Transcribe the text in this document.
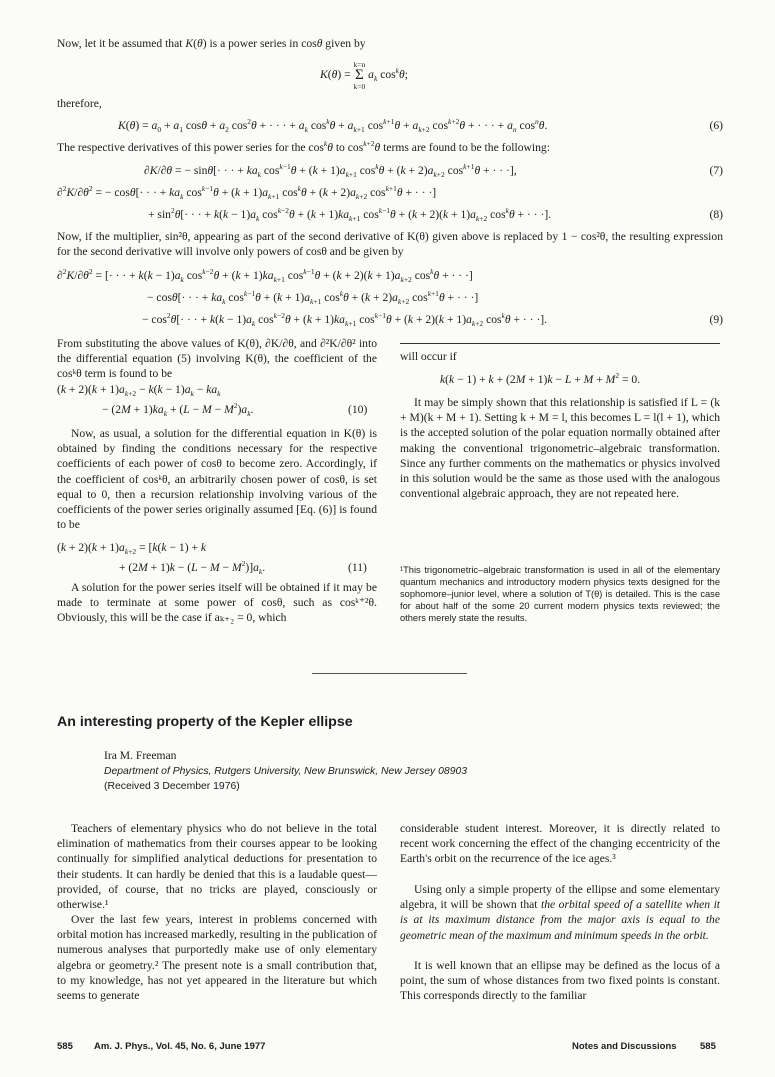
Now, let it be assumed that K(θ) is a power series in cosθ given by
K(θ) =
k=n
Σ
k=0
$a_k$ $\cos^k\theta$;
therefore,
$K(\theta) = a_0 + a_1$ $\cos\theta + a_2$ $\cos^2\theta$ + · · · + $a_k$ $\cos^k\theta + a_{k+1}$ $\cos^{k+1}\theta + a_{k+2}$ $\cos^{k+2}\theta$ + · · · + $a_n$ $\cos^n\theta$.	(6)
The respective derivatives of this power series for the $\cos^k\theta$ to $\cos^{k+2}\theta$ terms are found to be the following:
∂K/∂θ = − sinθ[· · · + $ka_k$ $\cos^{k-1}\theta + (k + 1)a_{k+1}$ $\cos^k\theta + (k + 2)a_{k+2}$ $\cos^{k+1}\theta$ + · · ·],	(7)
$\partial^2K/\partial\theta^2$ = − cosθ[· · · + $ka_k$ $\cos^{k-1}\theta + (k + 1)a_{k+1}$ $\cos^k\theta + (k + 2)a_{k+2}$ $\cos^{k+1}\theta$ + · · ·]
+ $\sin^2\theta[\cdot$ · · + $k(k - 1)a_k$ $\cos^{k-2}\theta + (k + 1)ka_{k+1}$ $\cos^{k-1}\theta + (k + 2)(k + 1)a_{k+2}$ $\cos^k\theta$ + · · ·].	(8)
Now, if the multiplier, sin²θ, appearing as part of the second derivative of K(θ) given above is replaced by 1 − cos²θ, the resulting expression for the second derivative will involve only powers of cosθ and be given by
$\partial^2K/\partial\theta^2$ = [· · · + $k(k - 1)a_k$ $\cos^{k-2}\theta + (k + 1)ka_{k+1}$ $\cos^{k-1}\theta + (k + 2)(k + 1)a_{k+2}$ $\cos^k\theta$ + · · ·]
− cosθ[· · · + $ka_k$ $\cos^{k-1}\theta + (k + 1)a_{k+1}$ $\cos^k\theta + (k + 2)a_{k+2}$ $\cos^{k+1}\theta$ + · · ·]
− $\cos^2\theta[\cdot$ · · + $k(k - 1)a_k$ $\cos^{k-2}\theta + (k + 1)ka_{k+1}$ $\cos^{k-1}\theta + (k + 2)(k + 1)a_{k+2}$ $\cos^k\theta$ + · · ·].	(9)
From substituting the above values of K(θ), ∂K/∂θ, and ∂²K/∂θ² into the differential equation (5) involving K(θ), the coefficient of the cosᵏθ term is found to be
$(k + 2)(k + 1)a_{k+2} - k(k - 1)a_k - ka_k$
− $(2M + 1)ka_k + (L - M - M^2)a_k$.	(10)
Now, as usual, a solution for the differential equation in K(θ) is obtained by finding the conditions necessary for the respective coefficients of each power of cosθ to become zero. Accordingly, if the coefficient of cosᵏθ, an arbitrarily chosen power of cosθ, is set equal to 0, then a recursion relationship involving various of the coefficients of the power series originally assumed [Eq. (6)] is found to be
$(k + 2)(k + 1)a_{k+2} = [k(k - 1) + k$
+ $(2M + 1)k - (L - M - M^2)]a_k$.	(11)
A solution for the power series itself will be obtained if it may be made to terminate at some power of cosθ, such as cosᵏ⁺²θ. Obviously, this will be the case if aₖ₊₂ = 0, which
will occur if
$k(k - 1) + k + (2M + 1)k - L + M + M^2 = 0$.
It may be simply shown that this relationship is satisfied if L = (k + M)(k + M + 1). Setting k + M = l, this becomes L = l(l + 1), which is the accepted solution of the polar equation normally obtained after making the conventional trigonometric–algebraic transformation. Since any further comments on the mathematics or physics involved in this solution would be the same as those used with the analogous conventional algebraic approach, they are not repeated here.
¹This trigonometric–algebraic transformation is used in all of the elementary quantum mechanics and introductory modern physics texts designed for the sophomore–junior level, where a solution of T(θ) is detailed. This is the case for about half of the some 20 current modern physics texts reviewed; the others merely state the results.
An interesting property of the Kepler ellipse
Ira M. Freeman
Department of Physics, Rutgers University, New Brunswick, New Jersey 08903
(Received 3 December 1976)
Teachers of elementary physics who do not believe in the total elimination of mathematics from their courses appear to be looking continually for simplified analytical deductions for presentation to their students. It can hardly be denied that this is a laudable quest—provided, of course, that no tricks are played, consciously or otherwise.¹
Over the last few years, interest in problems concerned with orbital motion has increased markedly, resulting in the publication of numerous analyses that purportedly make use of only elementary algebra or geometry.² The present note is a small contribution that, to my knowledge, has not yet appeared in the literature but which seems to generate
considerable student interest. Moreover, it is directly related to recent work concerning the effect of the changing eccentricity of the Earth's orbit on the recurrence of the ice ages.³
Using only a simple property of the ellipse and some elementary algebra, it will be shown that the orbital speed of a satellite when it is at its maximum distance from the major axis is equal to the geometric mean of the maximum and minimum speeds in the orbit.
It is well known that an ellipse may be defined as the locus of a point, the sum of whose distances from two fixed points is constant. This corresponds directly to the familiar
585 Am. J. Phys., Vol. 45, No. 6, June 1977	Notes and Discussions 585
